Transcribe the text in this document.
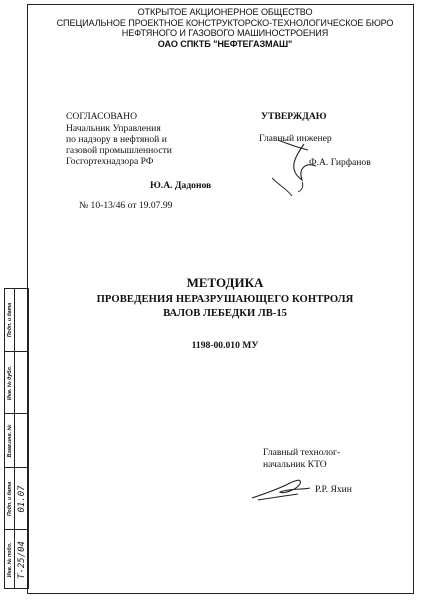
ОТКРЫТОЕ АКЦИОНЕРНОЕ ОБЩЕСТВО
СПЕЦИАЛЬНОЕ ПРОЕКТНОЕ КОНСТРУКТОРСКО-ТЕХНОЛОГИЧЕСКОЕ БЮРО
НЕФТЯНОГО И ГАЗОВОГО МАШИНОСТРОЕНИЯ
ОАО СПКТБ "НЕФТЕГАЗМАШ"
СОГЛАСОВАНО
Начальник Управления
по надзору в нефтяной и
газовой промышленности
Госгортехнадзора РФ
Ю.А. Дадонов
№ 10-13/46 от 19.07.99
УТВЕРЖДАЮ
Главный инженер
Ф.А. Гирфанов
МЕТОДИКА
ПРОВЕДЕНИЯ НЕРАЗРУШАЮЩЕГО КОНТРОЛЯ
ВАЛОВ ЛЕБЕДКИ ЛВ-15
1198-00.010 МУ
Главный технолог-
начальник КТО
Р.Р. Яхин
Подп. и дата
Инв. № дубл.
Взам.инв. №
Подп. и дата
Инв. № подл.
01.07
Т-25/04
